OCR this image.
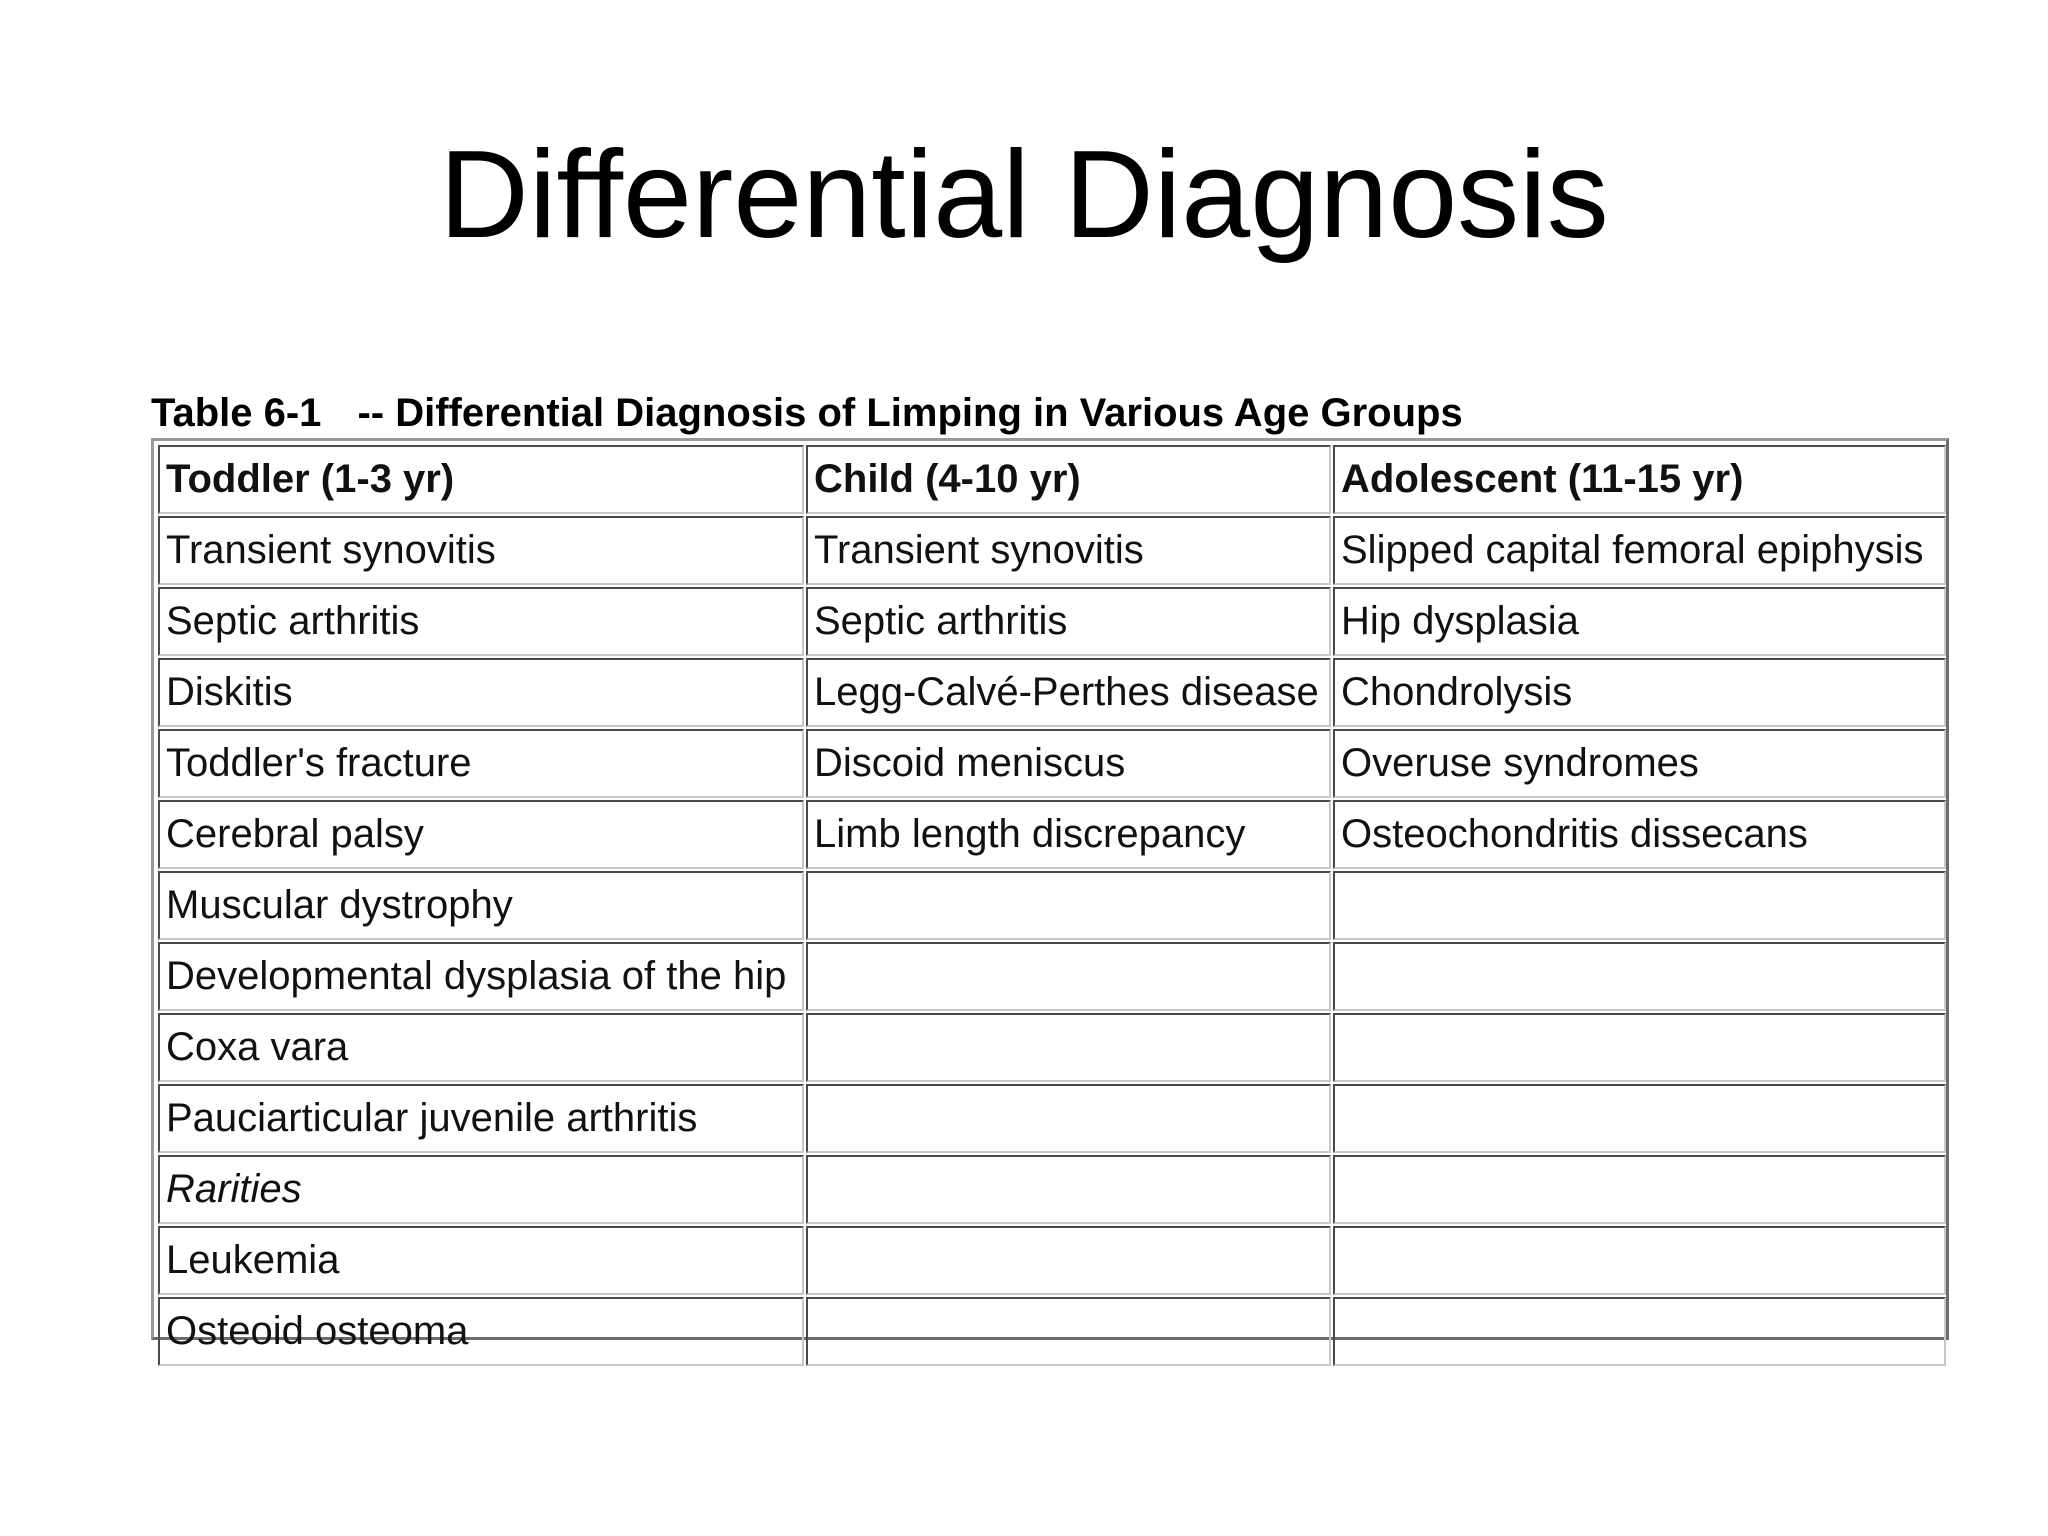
Differential Diagnosis
Table 6-1 -- Differential Diagnosis of Limping in Various Age Groups
Toddler (1-3 yr)	Child (4-10 yr)	Adolescent (11-15 yr)
Transient synovitis	Transient synovitis	Slipped capital femoral epiphysis
Septic arthritis	Septic arthritis	Hip dysplasia
Diskitis	Legg-Calvé-Perthes disease	Chondrolysis
Toddler's fracture	Discoid meniscus	Overuse syndromes
Cerebral palsy	Limb length discrepancy	Osteochondritis dissecans
Muscular dystrophy		
Developmental dysplasia of the hip		
Coxa vara		
Pauciarticular juvenile arthritis		
Rarities		
Leukemia		
Osteoid osteoma		
